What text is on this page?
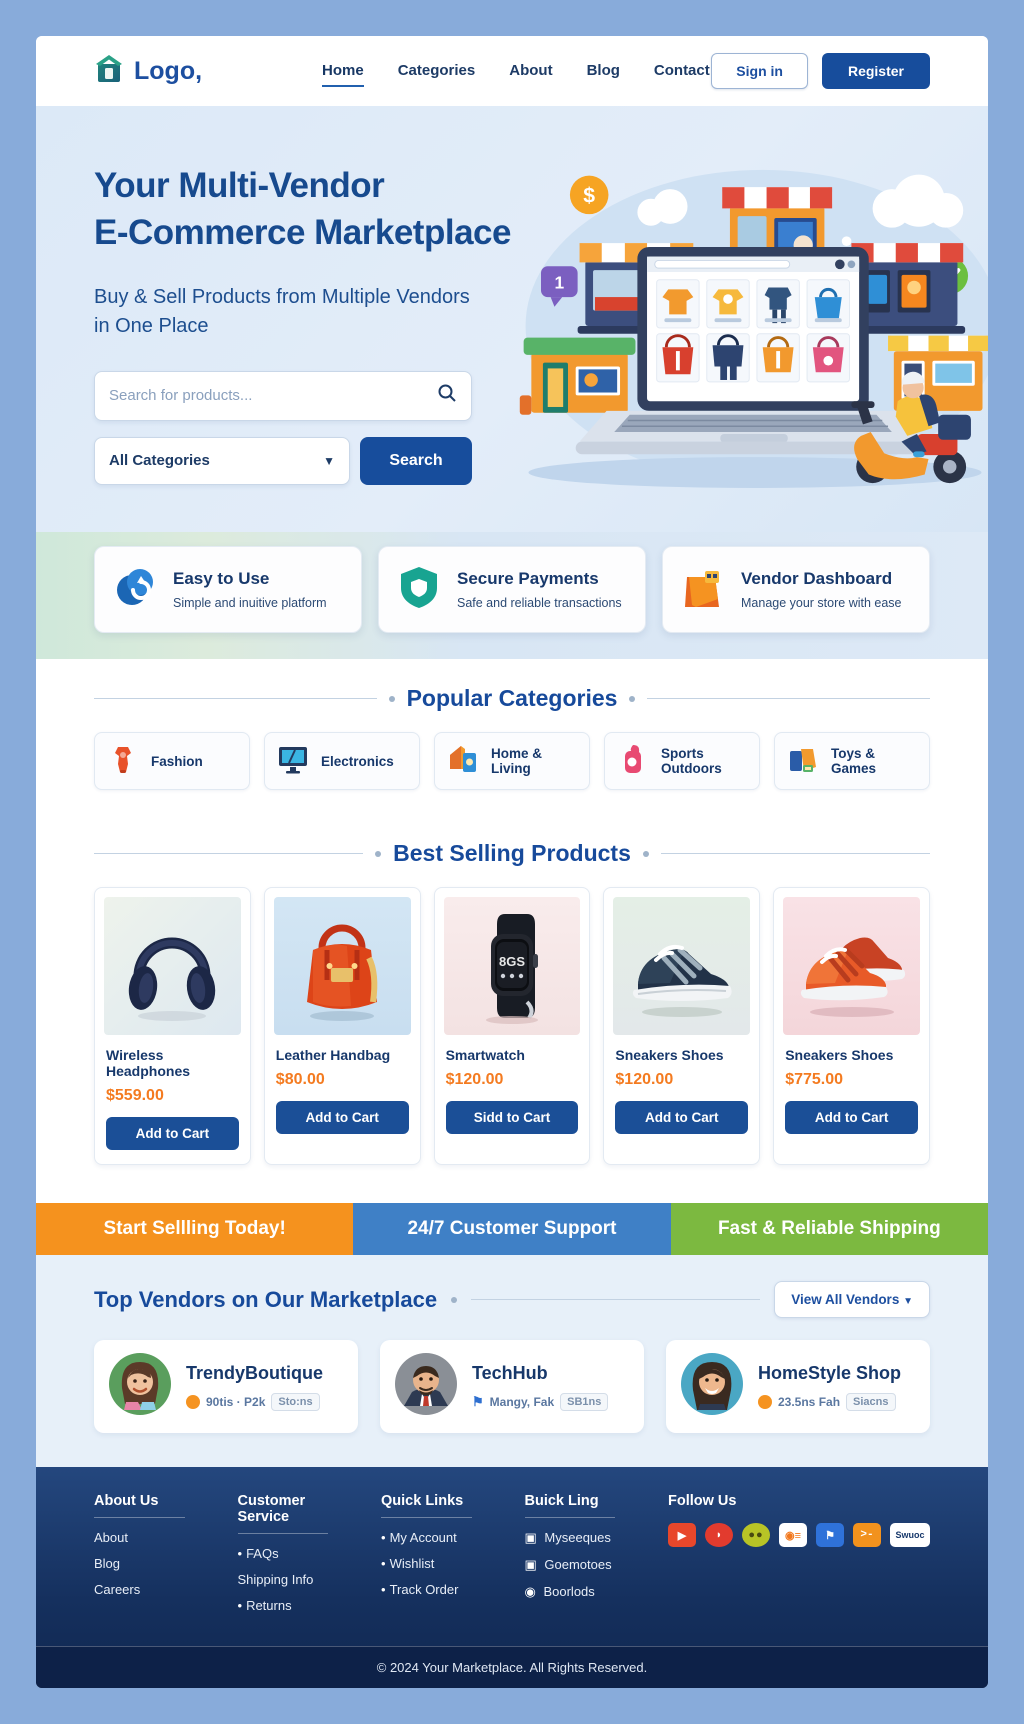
Logo,	Home Categories About Blog Contact	Sign in	Register
Your Multi-Vendor
E-Commerce Marketplace
Buy & Sell Products from Multiple Vendors
in One Place
Search for products...
All Categories	▼	Search
$
1
Easy to Use
Simple and inuitive platform
Secure Payments
Safe and reliable transactions
Vendor Dashboard
Manage your store with ease
Popular Categories
Fashion	Electronics	Home & Living
Sports Outdoors
Toys & Games
Best Selling Products
Wireless Headphones
$559.00
Add to Cart
Leather Handbag
$80.00
Add to Cart
8GS
Smartwatch
$120.00
Sidd to Cart
Sneakers Shoes
$120.00
Add to Cart
Sneakers Shoes
$775.00
Add to Cart
Start Sellling Today!	24/7 Customer Support	Fast & Reliable Shipping
Top Vendors on Our Marketplace	View All Vendors ▼
TrendyBoutique
90tis · P2k	Sto:ns
TechHub
⚑ Mangy, Fak	SB1ns
HomeStyle Shop
23.5ns Fah	Siacns
About Us
About
Blog
Careers
Customer Service
• FAQs
Shipping Info
• Returns
Quick Links
• My Account
• Wishlist
• Track Order
Buick Ling
▣ Myseeques
▣ Goemotoes
◉ Boorlods
Follow Us
▶	◗	●●	◉≡	⚑	>-	Swuoc
© 2024 Your Marketplace. All Rights Reserved.
